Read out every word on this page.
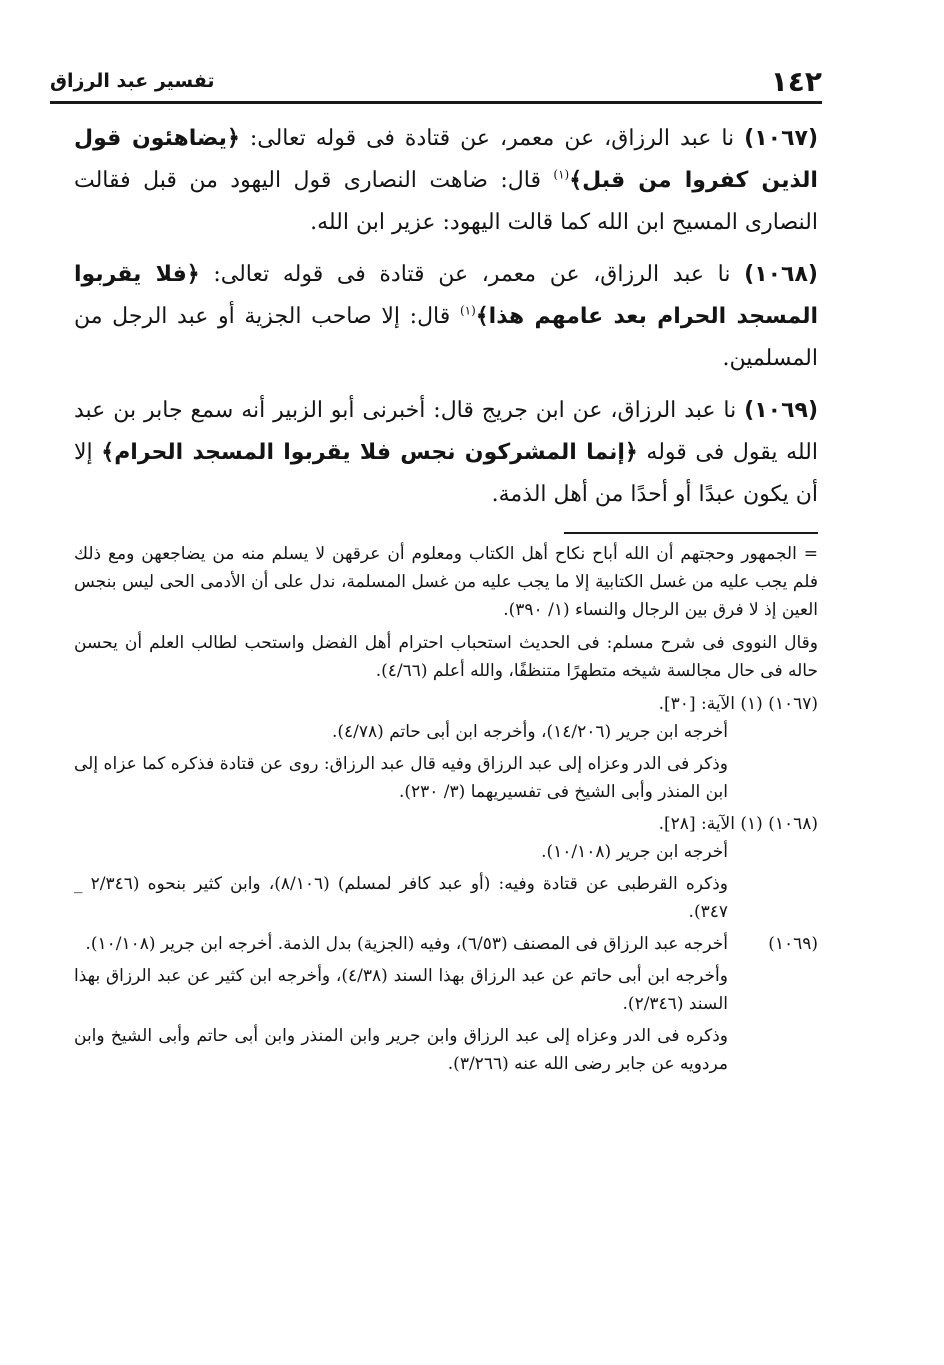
١٤٢
تفسير عبد الرزاق

(١٠٦٧) نا عبد الرزاق، عن معمر، عن قتادة فى قوله تعالى: ﴿يضاهئون قول الذين كفروا من قبل﴾$^{(١)}$ قال: ضاهت النصارى قول اليهود من قبل فقالت النصارى المسيح ابن الله كما قالت اليهود: عزير ابن الله.

(١٠٦٨) نا عبد الرزاق، عن معمر، عن قتادة فى قوله تعالى: ﴿فلا يقربوا المسجد الحرام بعد عامهم هذا﴾$^{(١)}$ قال: إلا صاحب الجزية أو عبد الرجل من المسلمين.

(١٠٦٩) نا عبد الرزاق، عن ابن جريج قال: أخبرنى أبو الزبير أنه سمع جابر بن عبد الله يقول فى قوله ﴿إنما المشركون نجس فلا يقربوا المسجد الحرام﴾ إلا أن يكون عبدًا أو أحدًا من أهل الذمة.

= الجمهور وحجتهم أن الله أباح نكاح أهل الكتاب ومعلوم أن عرقهن لا يسلم منه من يضاجعهن ومع ذلك فلم يجب عليه من غسل الكتابية إلا ما يجب عليه من غسل المسلمة، ندل على أن الأدمى الحى ليس بنجس العين إذ لا فرق بين الرجال والنساء (١/ ٣٩٠).

وقال النووى فى شرح مسلم: فى الحديث استحباب احترام أهل الفضل واستحب لطالب العلم أن يحسن حاله فى حال مجالسة شيخه متطهرًا متنظفًا، والله أعلم (٤/٦٦).

(١٠٦٧) (١)

الآية: [٣٠].

أخرجه ابن جرير (١٤/٢٠٦)، وأخرجه ابن أبى حاتم (٤/٧٨).

وذكر فى الدر وعزاه إلى عبد الرزاق وفيه قال عبد الرزاق: روى عن قتادة فذكره كما عزاه إلى ابن المنذر وأبى الشيخ فى تفسيريهما (٣/ ٢٣٠).

(١٠٦٨) (١)

الآية: [٢٨].

أخرجه ابن جرير (١٠/١٠٨).

وذكره القرطبى عن قتادة وفيه: (أو عبد كافر لمسلم) (٨/١٠٦)، وابن كثير بنحوه (٢/٣٤٦ _ ٣٤٧).

(١٠٦٩)

أخرجه عبد الرزاق فى المصنف (٦/٥٣)، وفيه (الجزية) بدل الذمة. أخرجه ابن جرير (١٠/١٠٨).

وأخرجه ابن أبى حاتم عن عبد الرزاق بهذا السند (٤/٣٨)، وأخرجه ابن كثير عن عبد الرزاق بهذا السند (٢/٣٤٦).

وذكره فى الدر وعزاه إلى عبد الرزاق وابن جرير وابن المنذر وابن أبى حاتم وأبى الشيخ وابن مردويه عن جابر رضى الله عنه (٣/٢٦٦).
